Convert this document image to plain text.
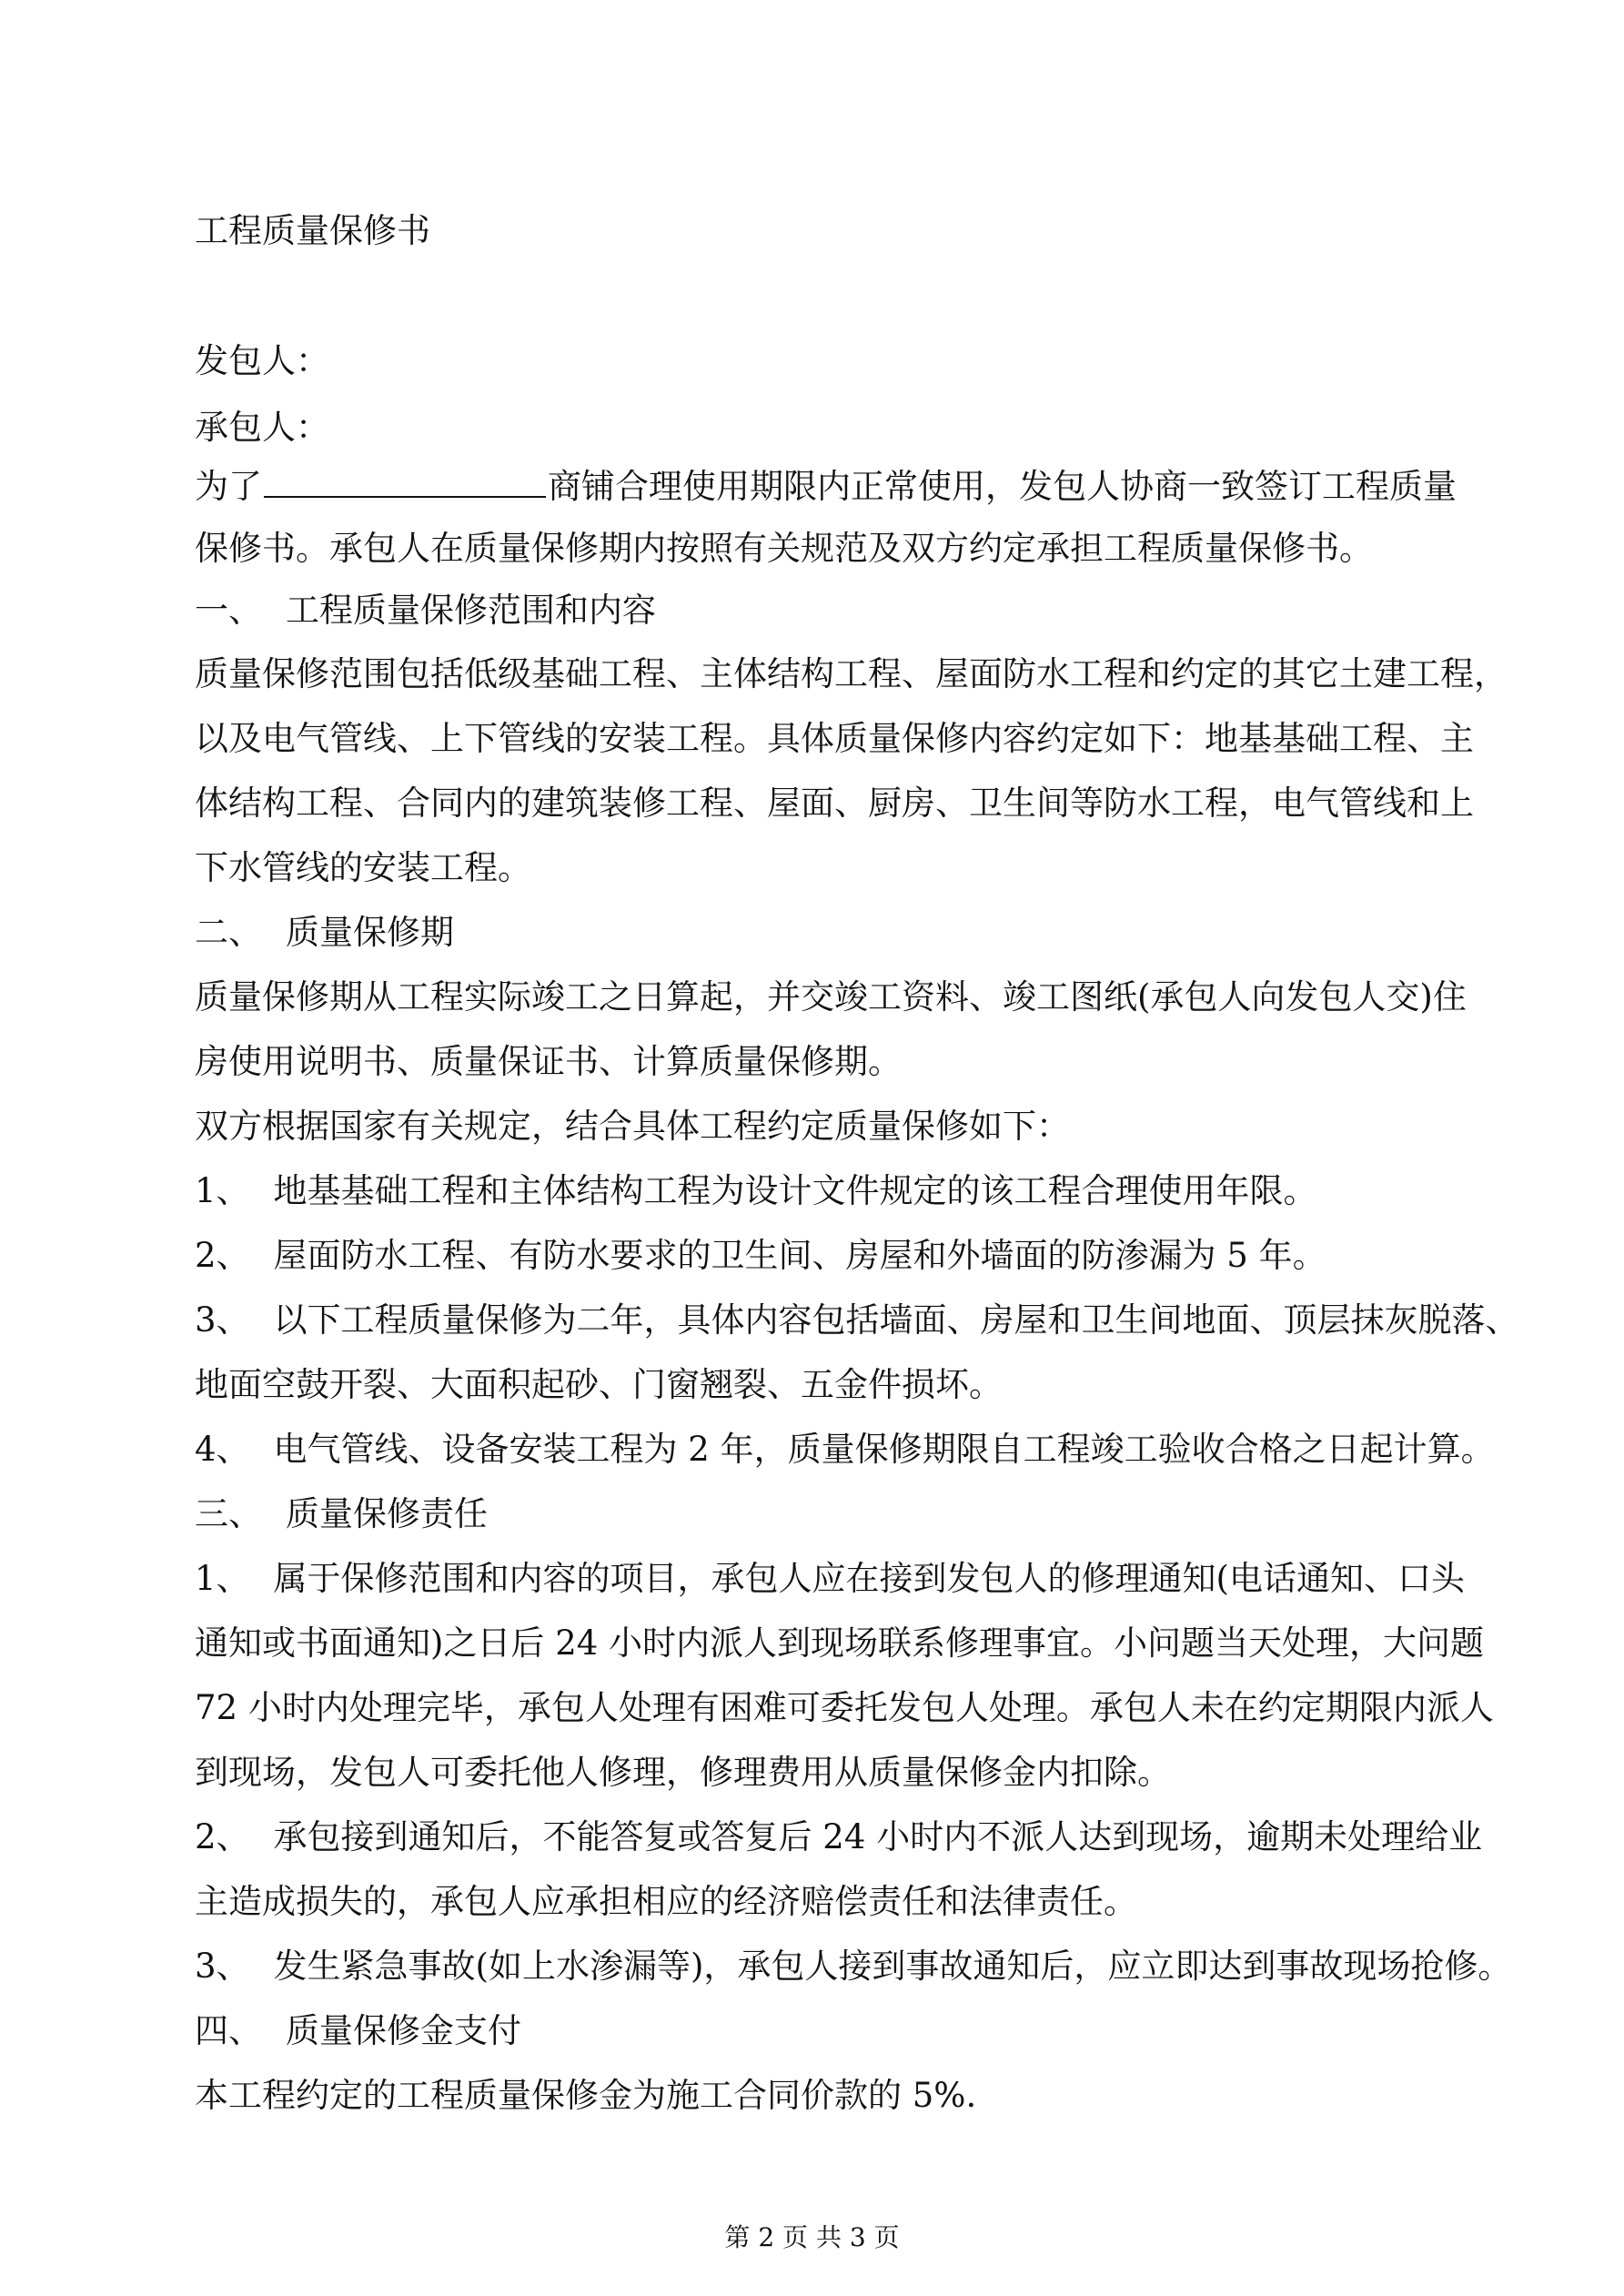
工程质量保修书
发包人：
承包人：
为了	商铺合理使用期限内正常使用，发包人协商一致签订工程质量
保修书。承包人在质量保修期内按照有关规范及双方约定承担工程质量保修书。
一、 工程质量保修范围和内容
质量保修范围包括低级基础工程、主体结构工程、屋面防水工程和约定的其它土建工程，
以及电气管线、上下管线的安装工程。具体质量保修内容约定如下：地基基础工程、主
体结构工程、合同内的建筑装修工程、屋面、厨房、卫生间等防水工程，电气管线和上
下水管线的安装工程。
二、 质量保修期
质量保修期从工程实际竣工之日算起，并交竣工资料、竣工图纸(承包人向发包人交)住
房使用说明书、质量保证书、计算质量保修期。
双方根据国家有关规定，结合具体工程约定质量保修如下：
1、 地基基础工程和主体结构工程为设计文件规定的该工程合理使用年限。
2、 屋面防水工程、有防水要求的卫生间、房屋和外墙面的防渗漏为 5 年。
3、 以下工程质量保修为二年，具体内容包括墙面、房屋和卫生间地面、顶层抹灰脱落、
地面空鼓开裂、大面积起砂、门窗翘裂、五金件损坏。
4、 电气管线、设备安装工程为 2 年，质量保修期限自工程竣工验收合格之日起计算。
三、 质量保修责任
1、 属于保修范围和内容的项目，承包人应在接到发包人的修理通知(电话通知、口头
通知或书面通知)之日后 24 小时内派人到现场联系修理事宜。小问题当天处理，大问题
72 小时内处理完毕，承包人处理有困难可委托发包人处理。承包人未在约定期限内派人
到现场，发包人可委托他人修理，修理费用从质量保修金内扣除。
2、 承包接到通知后，不能答复或答复后 24 小时内不派人达到现场，逾期未处理给业
主造成损失的，承包人应承担相应的经济赔偿责任和法律责任。
3、 发生紧急事故(如上水渗漏等)，承包人接到事故通知后，应立即达到事故现场抢修。
四、 质量保修金支付
本工程约定的工程质量保修金为施工合同价款的 5%.
第 2 页 共 3 页
